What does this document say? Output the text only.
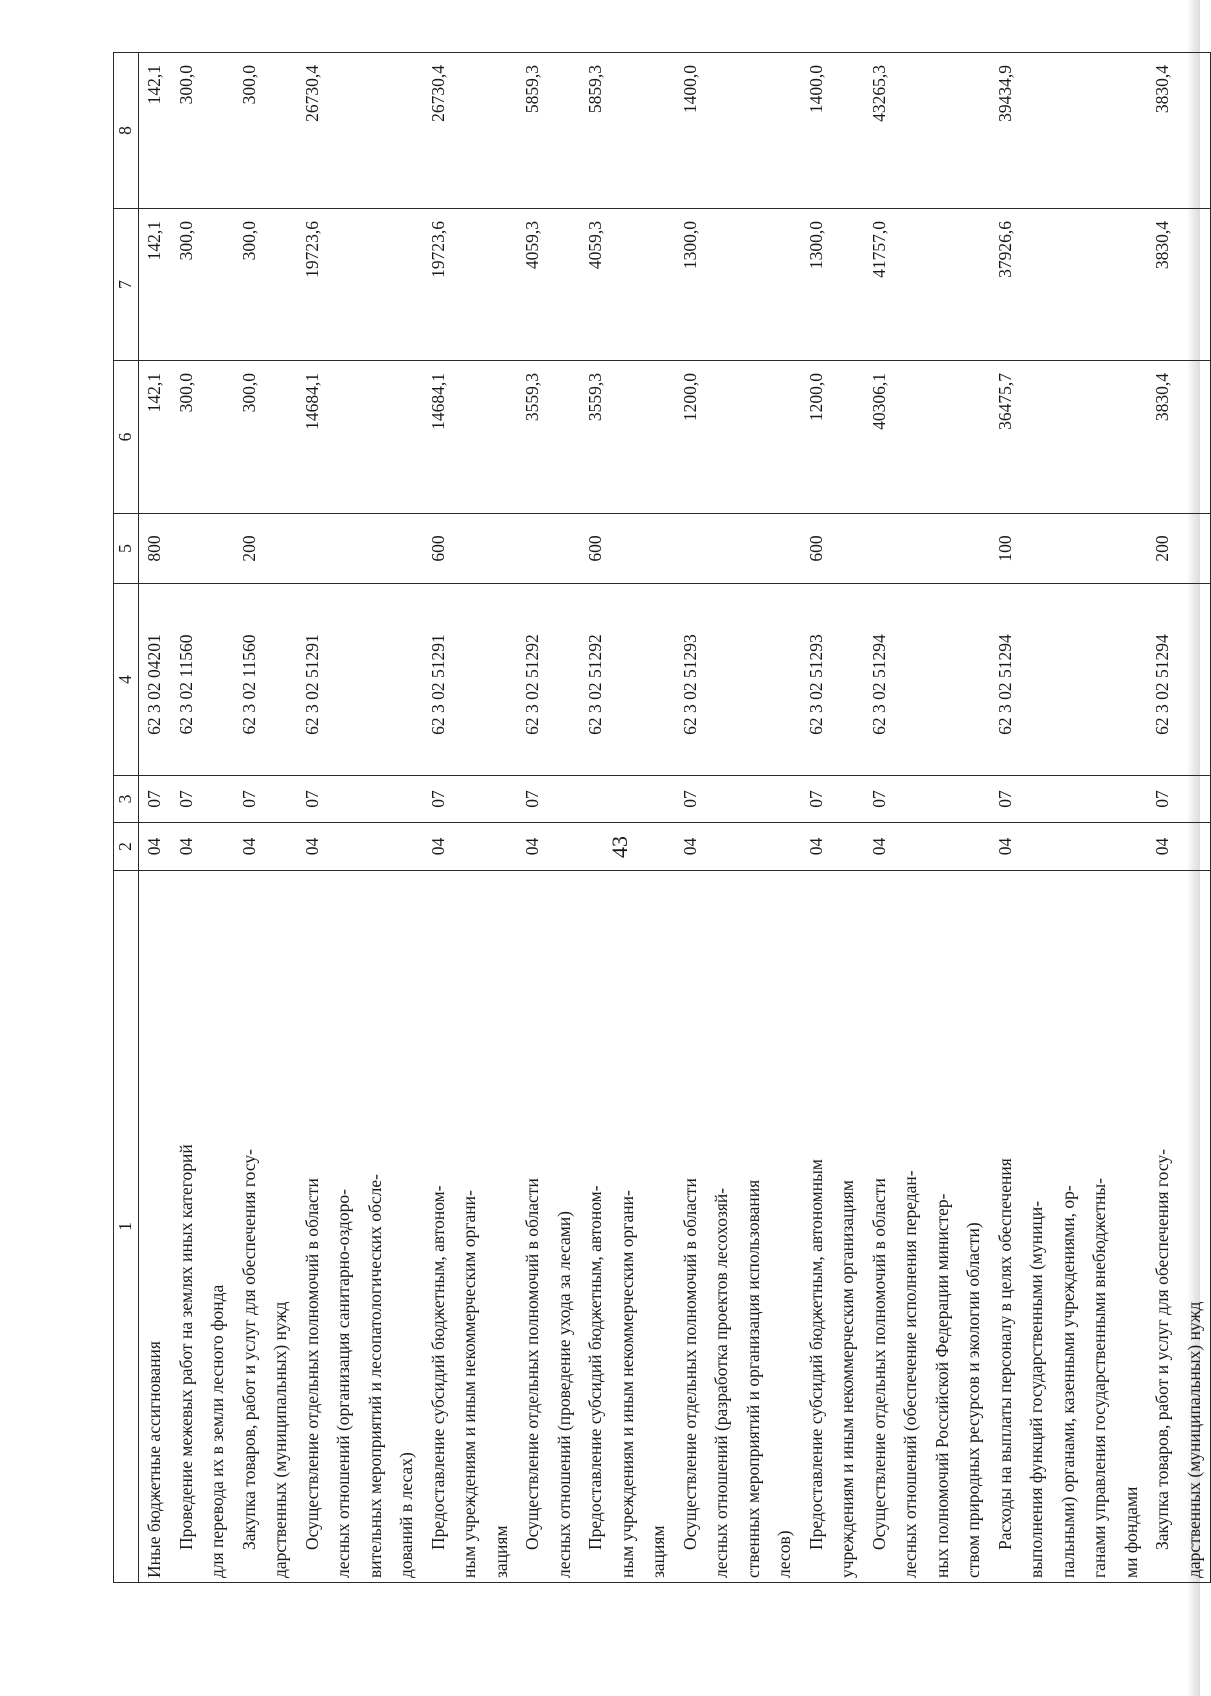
43
1	2	3	4	5	6	7	8

Иные бюджетные ассигнования	04	07	62 3 02 04201	800	142,1	142,1	142,1

Проведение межевых работ на землях иных категорий для перевода их в земли лесного фонда	04	07	62 3 02 11560		300,0	300,0	300,0

Закупка товаров, работ и услуг для обеспечения госу- дарственных (муниципальных) нужд	04	07	62 3 02 11560	200	300,0	300,0	300,0

Осуществление отдельных полномочий в области лесных отношений (организация санитарно-оздоро- вительных мероприятий и лесопатологических обсле- дований в лесах)	04	07	62 3 02 51291		14684,1	19723,6	26730,4

Предоставление субсидий бюджетным, автоном- ным учреждениям и иным некоммерческим органи- зациям	04	07	62 3 02 51291	600	14684,1	19723,6	26730,4

Осуществление отдельных полномочий в области лесных отношений (проведение ухода за лесами)	04	07	62 3 02 51292		3559,3	4059,3	5859,3

Предоставление субсидий бюджетным, автоном- ным учреждениям и иным некоммерческим органи- зациям			62 3 02 51292	600	3559,3	4059,3	5859,3

Осуществление отдельных полномочий в области лесных отношений (разработка проектов лесохозяй- ственных мероприятий и организация использования лесов)	04	07	62 3 02 51293		1200,0	1300,0	1400,0

Предоставление субсидий бюджетным, автономным учреждениям и иным некоммерческим организациям	04	07	62 3 02 51293	600	1200,0	1300,0	1400,0

Осуществление отдельных полномочий в области лесных отношений (обеспечение исполнения передан- ных полномочий Российской Федерации министер- ством природных ресурсов и экологии области)	04	07	62 3 02 51294		40306,1	41757,0	43265,3

Расходы на выплаты персоналу в целях обеспечения выполнения функций государственными (муници- пальными) органами, казенными учреждениями, ор- ганами управления государственными внебюджетны- ми фондами	04	07	62 3 02 51294	100	36475,7	37926,6	39434,9

Закупка товаров, работ и услуг для обеспечения госу- дарственных (муниципальных) нужд	04	07	62 3 02 51294	200	3830,4	3830,4	3830,4
